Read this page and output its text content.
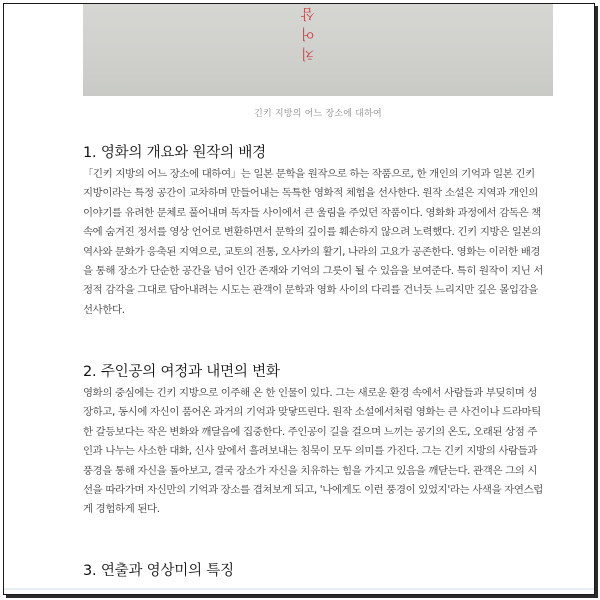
삼
어
치
긴키 지방의 어느 장소에 대하여
1. 영화의 개요와 원작의 배경
「긴키 지방의 어느 장소에 대하여」는 일본 문학을 원작으로 하는 작품으로, 한 개인의 기억과 일본 긴키
지방이라는 특정 공간이 교차하며 만들어내는 독특한 영화적 체험을 선사한다. 원작 소설은 지역과 개인의
이야기를 유려한 문체로 풀어내며 독자들 사이에서 큰 울림을 주었던 작품이다. 영화화 과정에서 감독은 책
속에 숨겨진 정서를 영상 언어로 변환하면서 문학의 깊이를 훼손하지 않으려 노력했다. 긴키 지방은 일본의
역사와 문화가 응축된 지역으로, 교토의 전통, 오사카의 활기, 나라의 고요가 공존한다. 영화는 이러한 배경
을 통해 장소가 단순한 공간을 넘어 인간 존재와 기억의 그릇이 될 수 있음을 보여준다. 특히 원작이 지닌 서
정적 감각을 그대로 담아내려는 시도는 관객이 문학과 영화 사이의 다리를 건너듯 느리지만 깊은 몰입감을
선사한다.
2. 주인공의 여정과 내면의 변화
영화의 중심에는 긴키 지방으로 이주해 온 한 인물이 있다. 그는 새로운 환경 속에서 사람들과 부딪히며 성
장하고, 동시에 자신이 품어온 과거의 기억과 맞닿뜨린다. 원작 소설에서처럼 영화는 큰 사건이나 드라마틱
한 갈등보다는 작은 변화와 깨달음에 집중한다. 주인공이 길을 걸으며 느끼는 공기의 온도, 오래된 상점 주
인과 나누는 사소한 대화, 신사 앞에서 흘려보내는 침묵이 모두 의미를 가진다. 그는 긴키 지방의 사람들과
풍경을 통해 자신을 돌아보고, 결국 장소가 자신을 치유하는 힘을 가지고 있음을 깨닫는다. 관객은 그의 시
선을 따라가며 자신만의 기억과 장소를 겹쳐보게 되고, '나에게도 이런 풍경이 있었지'라는 사색을 자연스럽
게 경험하게 된다.
3. 연출과 영상미의 특징
